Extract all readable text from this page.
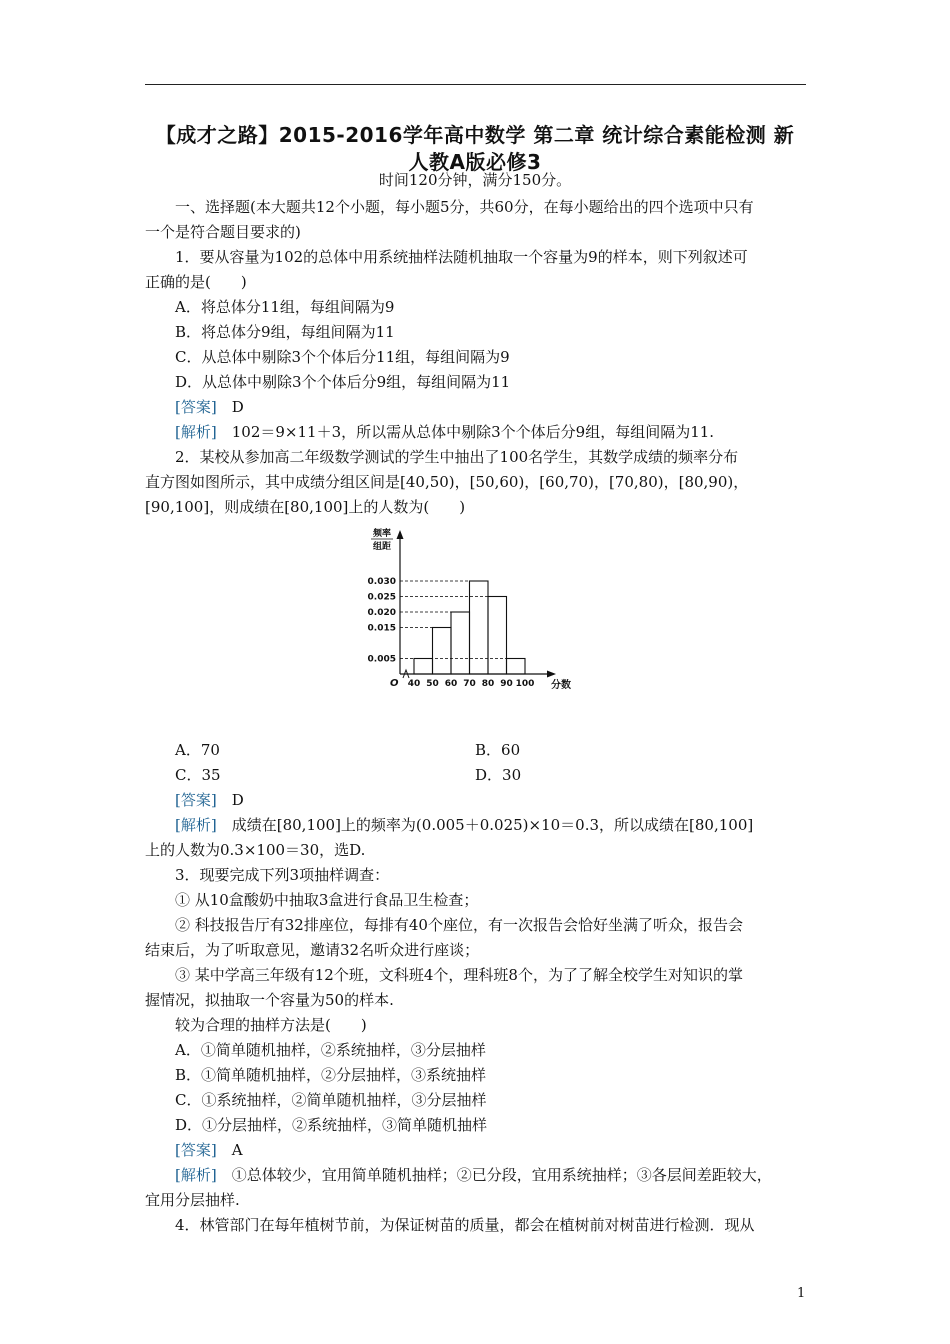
【成才之路】2015-2016学年高中数学 第二章 统计综合素能检测 新
人教A版必修3
时间120分钟，满分150分。

一、选择题(本大题共12个小题，每小题5分，共60分，在每小题给出的四个选项中只有

一个是符合题目要求的)

1．要从容量为102的总体中用系统抽样法随机抽取一个容量为9的样本，则下列叙述可

正确的是(　　)

A．将总体分11组，每组间隔为9

B．将总体分9组，每组间隔为11

C．从总体中剔除3个个体后分11组，每组间隔为9

D．从总体中剔除3个个体后分9组，每组间隔为11

[答案]　 D

[解析]　 102＝9×11＋3，所以需从总体中剔除3个个体后分9组，每组间隔为11.

2．某校从参加高二年级数学测试的学生中抽出了100名学生，其数学成绩的频率分布

直方图如图所示，其中成绩分组区间是[40,50)，[50,60)，[60,70)，[70,80)，[80,90)，

[90,100]，则成绩在[80,100]上的人数为(　　)

0.005
0.015
0.020
0.025
0.030
40 50 60 70 80 90 100
O
频率
组距
分数
A．70	B．60
C．35	D．30

[答案]　 D

[解析]　 成绩在[80,100]上的频率为(0.005＋0.025)×10＝0.3，所以成绩在[80,100]

上的人数为0.3×100＝30，选D.

3．现要完成下列3项抽样调查：

① 从10盒酸奶中抽取3盒进行食品卫生检查；

② 科技报告厅有32排座位，每排有40个座位，有一次报告会恰好坐满了听众，报告会

结束后，为了听取意见，邀请32名听众进行座谈；

③ 某中学高三年级有12个班，文科班4个，理科班8个，为了了解全校学生对知识的掌

握情况，拟抽取一个容量为50的样本.

较为合理的抽样方法是(　　)

A．①简单随机抽样，②系统抽样，③分层抽样

B．①简单随机抽样，②分层抽样，③系统抽样

C．①系统抽样，②简单随机抽样，③分层抽样

D．①分层抽样，②系统抽样，③简单随机抽样

[答案]　 A

[解析]　 ①总体较少，宜用简单随机抽样；②已分段，宜用系统抽样；③各层间差距较大，

宜用分层抽样.

4．林管部门在每年植树节前，为保证树苗的质量，都会在植树前对树苗进行检测．现从

1
